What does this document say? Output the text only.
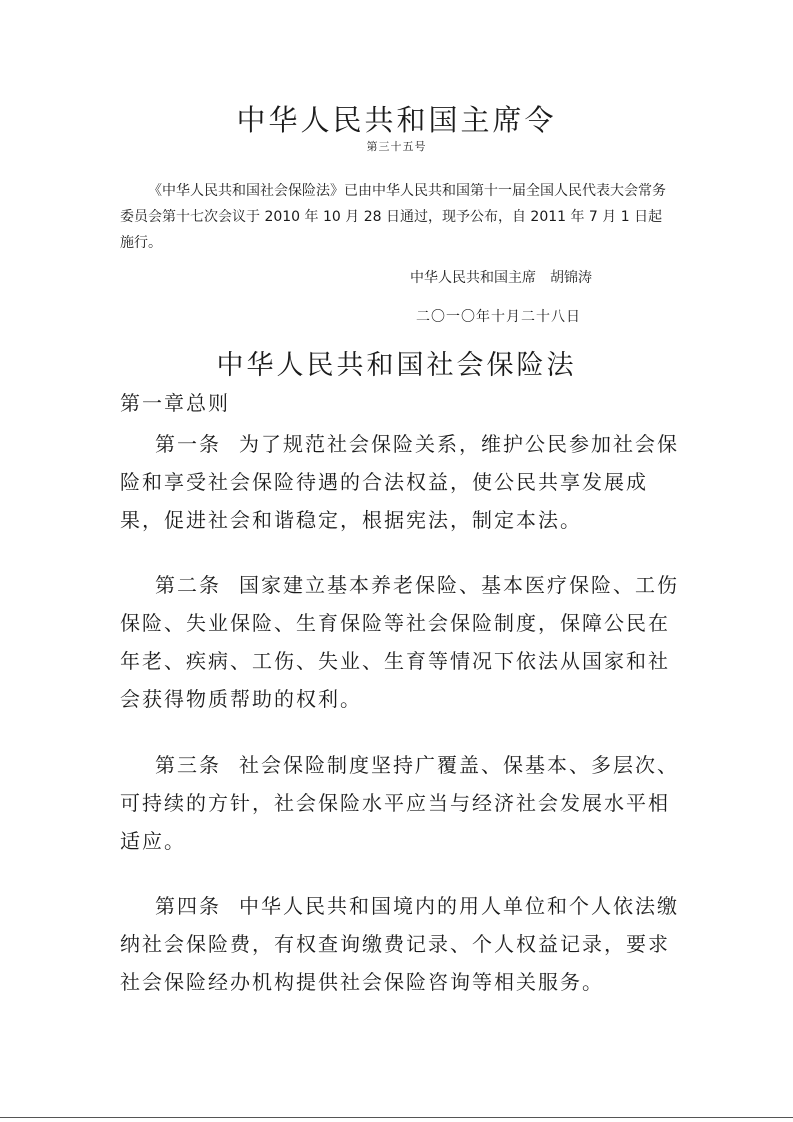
中华人民共和国主席令
第三十五号

《中华人民共和国社会保险法》已由中华人民共和国第十一届全国人民代表大会常务委员会第十七次会议于 2010 年 10 月 28 日通过，现予公布，自 2011 年 7 月 1 日起施行。

中华人民共和国主席　胡锦涛
二〇一〇年十月二十八日
中华人民共和国社会保险法
第一章总则

第一条 为了规范社会保险关系，维护公民参加社会保险和享受社会保险待遇的合法权益，使公民共享发展成果，促进社会和谐稳定，根据宪法，制定本法。

第二条 国家建立基本养老保险、基本医疗保险、工伤保险、失业保险、生育保险等社会保险制度，保障公民在年老、疾病、工伤、失业、生育等情况下依法从国家和社会获得物质帮助的权利。

第三条 社会保险制度坚持广覆盖、保基本、多层次、可持续的方针，社会保险水平应当与经济社会发展水平相适应。

第四条 中华人民共和国境内的用人单位和个人依法缴纳社会保险费，有权查询缴费记录、个人权益记录，要求社会保险经办机构提供社会保险咨询等相关服务。
